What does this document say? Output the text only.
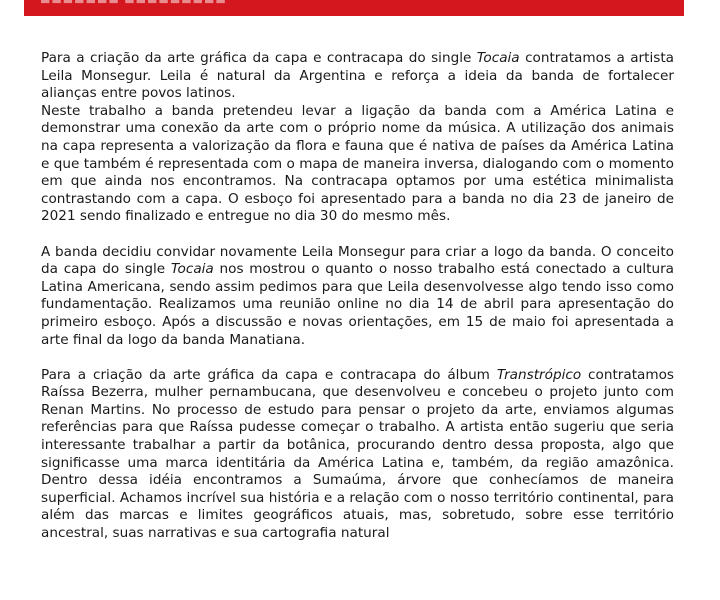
▬▬▬▬▬▬▬ ▬▬▬▬▬▬▬▬▬

Para a criação da arte gráfica da capa e contracapa do single Tocaia contratamos a artista Leila Monsegur. Leila é natural da Argentina e reforça a ideia da banda de fortalecer alianças entre povos latinos.

Neste trabalho a banda pretendeu levar a ligação da banda com a América Latina e demonstrar uma conexão da arte com o próprio nome da música. A utilização dos animais na capa representa a valorização da flora e fauna que é nativa de países da América Latina e que também é representada com o mapa de maneira inversa, dialogando com o momento em que ainda nos encontramos. Na contracapa optamos por uma estética minimalista contrastando com a capa. O esboço foi apresentado para a banda no dia 23 de janeiro de 2021 sendo finalizado e entregue no dia 30 do mesmo mês.

A banda decidiu convidar novamente Leila Monsegur para criar a logo da banda. O conceito da capa do single Tocaia nos mostrou o quanto o nosso trabalho está conectado a cultura Latina Americana, sendo assim pedimos para que Leila desenvolvesse algo tendo isso como fundamentação. Realizamos uma reunião online no dia 14 de abril para apresentação do primeiro esboço. Após a discussão e novas orientações, em 15 de maio foi apresentada a arte final da logo da banda Manatiana.

Para a criação da arte gráfica da capa e contracapa do álbum Transtrópico contratamos Raíssa Bezerra, mulher pernambucana, que desenvolveu e concebeu o projeto junto com Renan Martins. No processo de estudo para pensar o projeto da arte, enviamos algumas referências para que Raíssa pudesse começar o trabalho. A artista então sugeriu que seria interessante trabalhar a partir da botânica, procurando dentro dessa proposta, algo que significasse uma marca identitária da América Latina e, também, da região amazônica. Dentro dessa idéia encontramos a Sumaúma, árvore que conhecíamos de maneira superficial. Achamos incrível sua história e a relação com o nosso território continental, para além das marcas e limites geográficos atuais, mas, sobretudo, sobre esse território ancestral, suas narrativas e sua cartografia natural
